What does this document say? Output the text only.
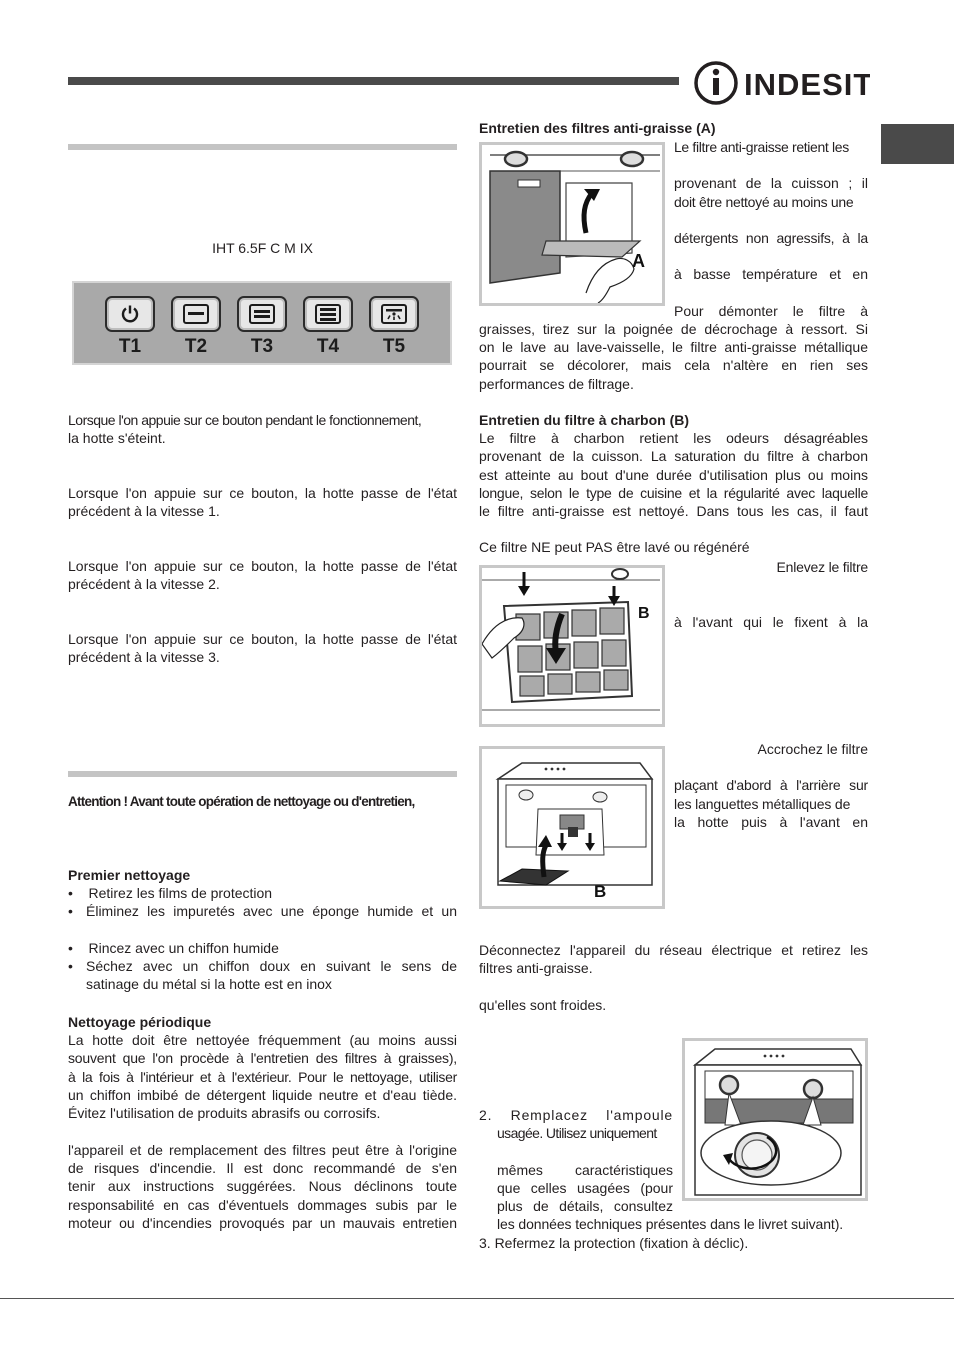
INDESIT
IHT 6.5F C M IX
T1	T2	T3	T4	T5
Lorsque l'on appuie sur ce bouton pendant le fonctionnement,
la hotte s'éteint.
Lorsque l'on appuie sur ce bouton, la hotte passe de l'état
précédent à la vitesse 1.
Lorsque l'on appuie sur ce bouton, la hotte passe de l'état
précédent à la vitesse 2.
Lorsque l'on appuie sur ce bouton, la hotte passe de l'état
précédent à la vitesse 3.
Attention ! Avant toute opération de nettoyage ou d'entretien,
Premier nettoyage
•    Retirez les films de protection
• Éliminez les impuretés avec une éponge humide et un
•    Rincez avec un chiffon humide
• Séchez avec un chiffon doux en suivant le sens de
satinage du métal si la hotte est en inox
Nettoyage périodique
La hotte doit être nettoyée fréquemment (au moins aussi
souvent que l'on procède à l'entretien des filtres à graisses),
à la fois à l'intérieur et à l'extérieur. Pour le nettoyage, utiliser
un chiffon imbibé de détergent liquide neutre et d'eau tiède.
Évitez l'utilisation de produits abrasifs ou corrosifs.
l'appareil et de remplacement des filtres peut être à l'origine
de risques d'incendie. Il est donc recommandé de s'en
tenir aux instructions suggérées. Nous déclinons toute
responsabilité en cas d'éventuels dommages subis par le
moteur ou d'incendies provoqués par un mauvais entretien
Entretien des filtres anti-graisse (A)
A
Le filtre anti-graisse retient les
provenant de la cuisson ; il
doit être nettoyé au moins une
détergents non agressifs, à la
à basse température et en
Pour démonter le filtre à
graisses, tirez sur la poignée de décrochage à ressort. Si
on le lave au lave-vaisselle, le filtre anti-graisse métallique
pourrait se décolorer, mais cela n'altère en rien ses
performances de filtrage.
Entretien du filtre à charbon (B)
Le filtre à charbon retient les odeurs désagréables
provenant de la cuisson. La saturation du filtre à charbon
est atteinte au bout d'une durée d'utilisation plus ou moins
longue, selon le type de cuisine et la régularité avec laquelle
le filtre anti-graisse est nettoyé. Dans tous les cas, il faut
Ce filtre NE peut PAS être lavé ou régénéré
B
Enlevez le filtre
à l'avant qui le fixent à la
B
Accrochez le filtre
plaçant d'abord à l'arrière sur
les languettes métalliques de
la hotte puis à l'avant en
Déconnectez l'appareil du réseau électrique et retirez les
filtres anti-graisse.
qu'elles sont froides.
2. Remplacez l'ampoule
usagée. Utilisez uniquement
mêmes caractéristiques
que celles usagées (pour
plus de détails, consultez
les données techniques présentes dans le livret suivant).
3. Refermez la protection (fixation à déclic).
